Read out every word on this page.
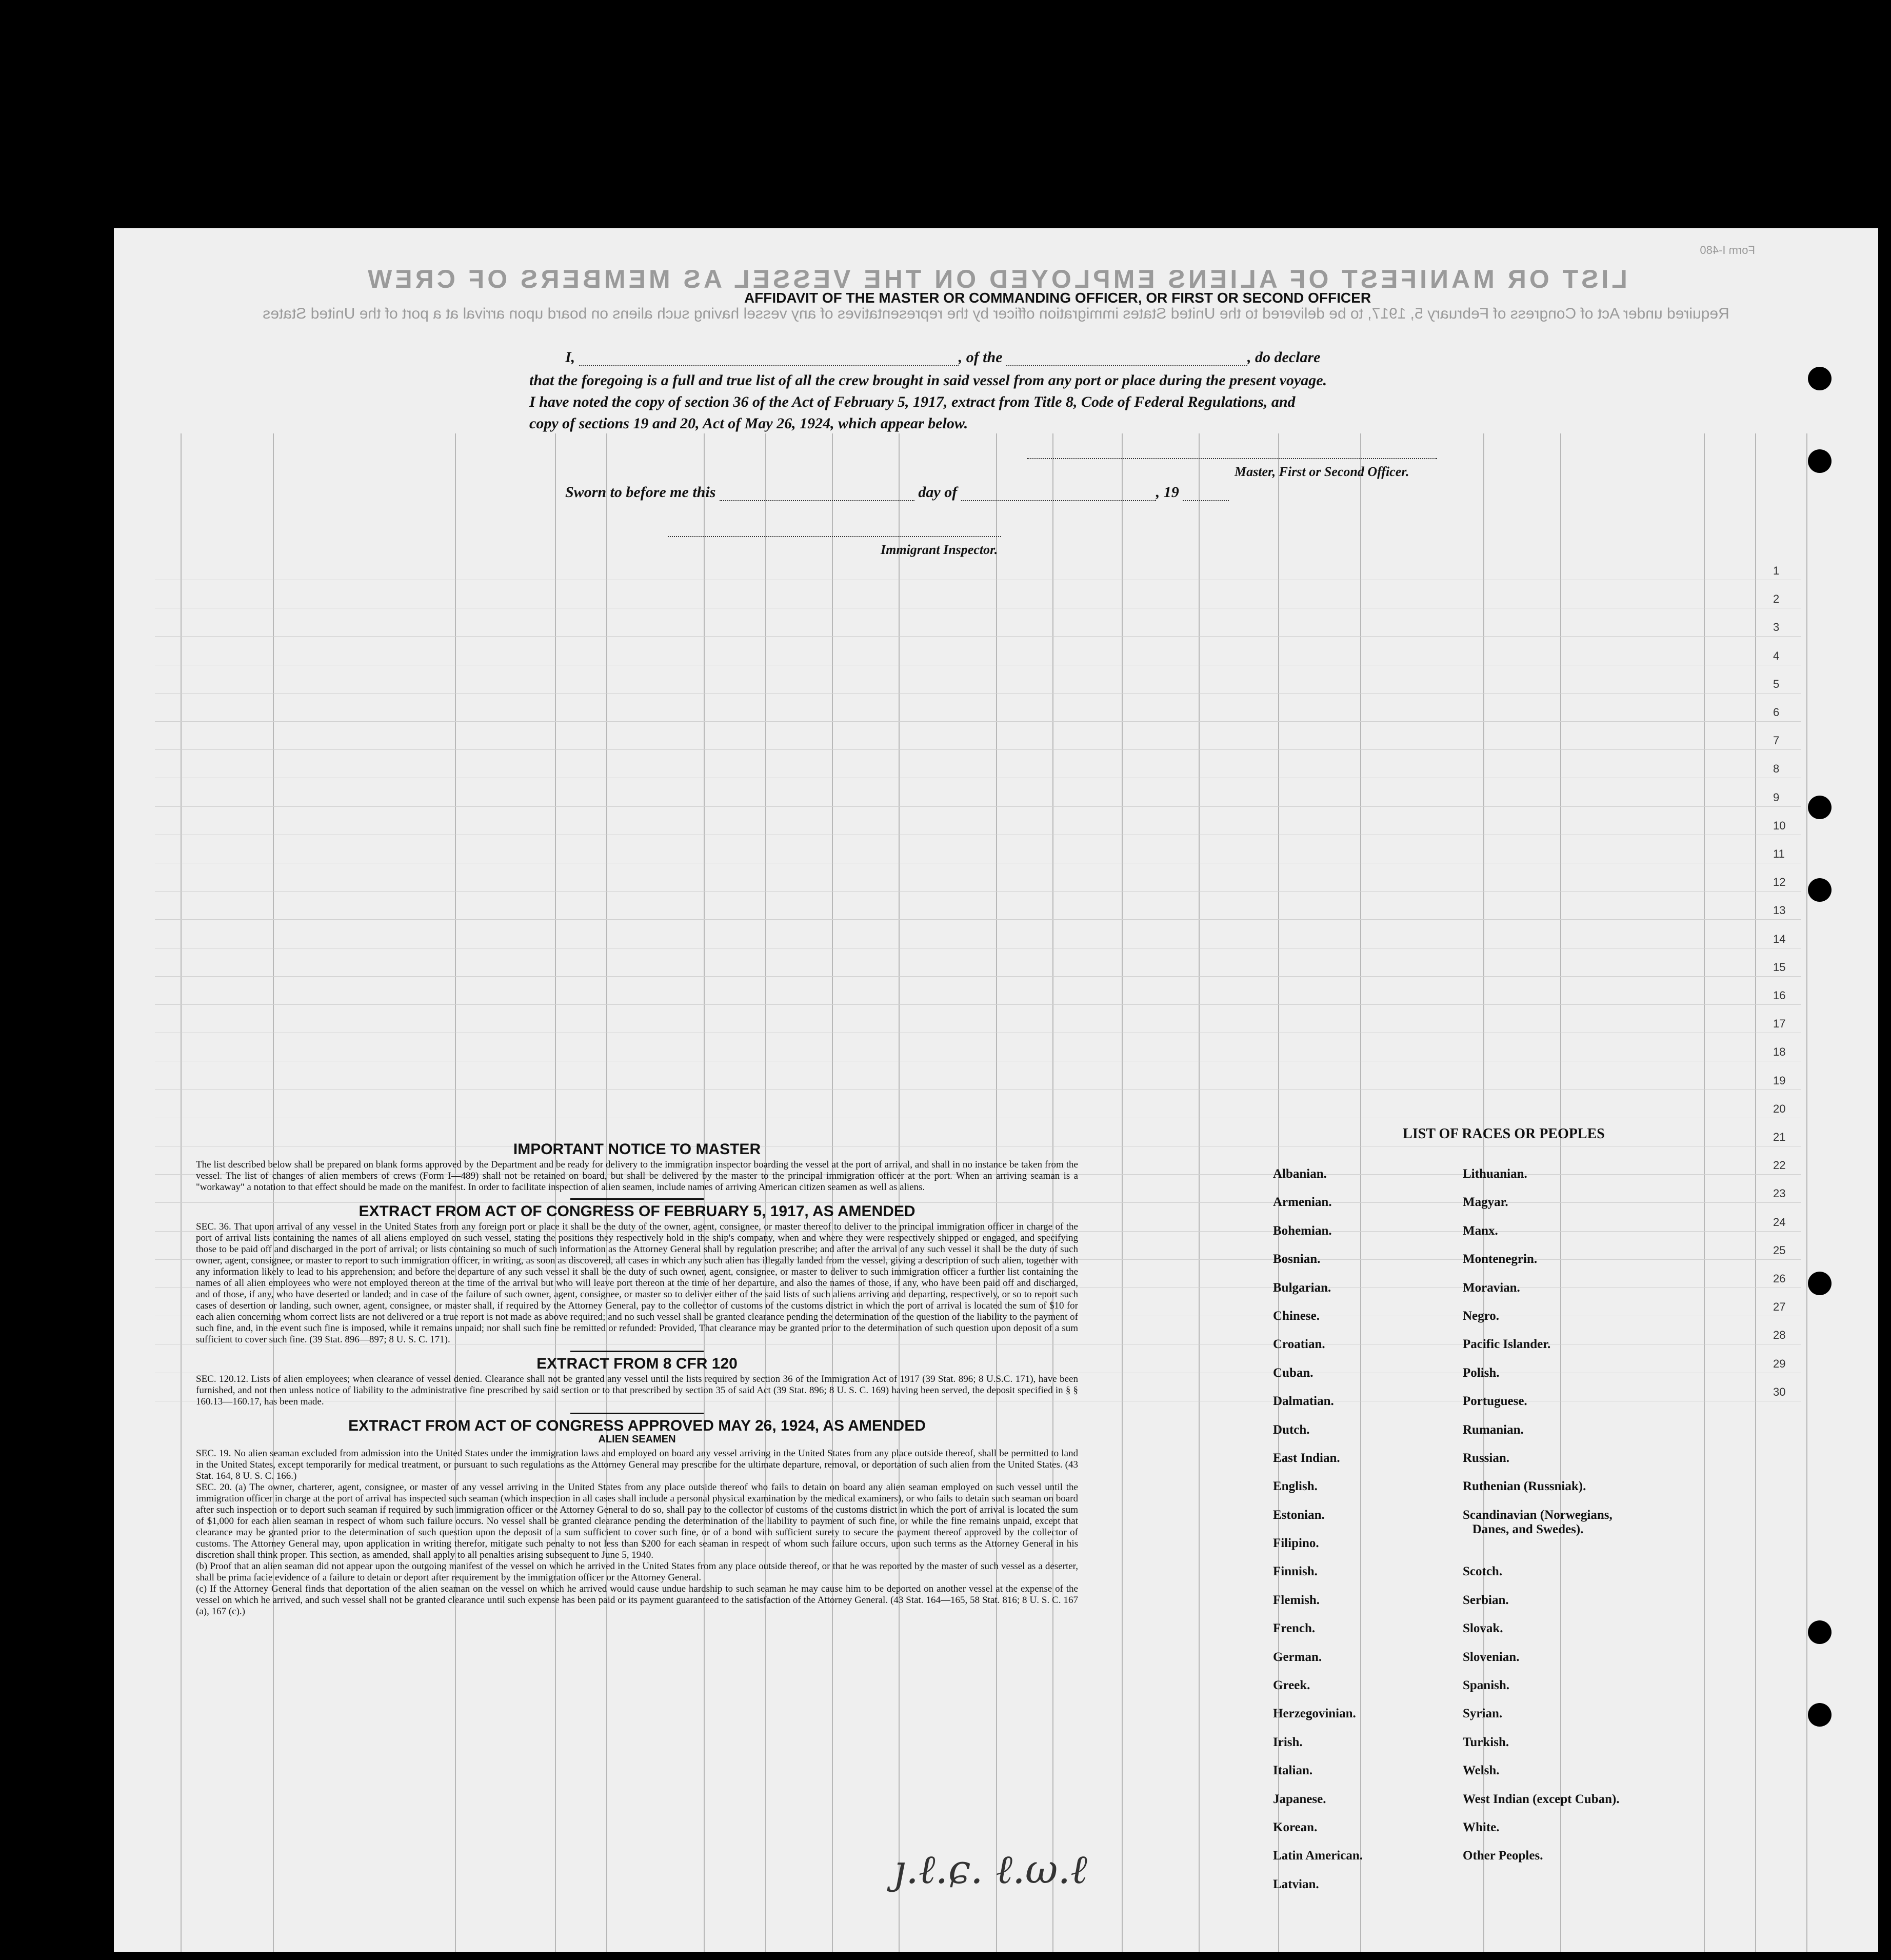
Form I-480
LIST OR MANIFEST OF ALIENS EMPLOYED ON THE VESSEL AS MEMBERS OF CREW
Required under Act of Congress of February 5, 1917, to be delivered to the United States immigration officer by the representatives of any vessel having such aliens on board upon arrival at a port of the United States
AFFIDAVIT OF THE MASTER OR COMMANDING OFFICER, OR FIRST OR SECOND OFFICER
I,	, of the	, do declare
that the foregoing is a full and true list of all the crew brought in said vessel from any port or place during the present voyage.
I have noted the copy of section 36 of the Act of February 5, 1917, extract from Title 8, Code of Federal Regulations, and
copy of sections 19 and 20, Act of May 26, 1924, which appear below.
Master, First or Second Officer.
Sworn to before me this	day of	, 19
Immigrant Inspector.
1
2
3
4
5
6
7
8
9
10
11
12
13
14
15
16
17
18
19
20
21
22
23
24
25
26
27
28
29
30
IMPORTANT NOTICE TO MASTER
The list described below shall be prepared on blank forms approved by the Department and be ready for delivery to the immigration inspector boarding the vessel at the port of arrival, and shall in no instance be taken from the vessel. The list of changes of alien members of crews (Form I—489) shall not be retained on board, but shall be delivered by the master to the principal immigration officer at the port. When an arriving seaman is a "workaway" a notation to that effect should be made on the manifest. In order to facilitate inspection of alien seamen, include names of arriving American citizen seamen as well as aliens.
EXTRACT FROM ACT OF CONGRESS OF FEBRUARY 5, 1917, AS AMENDED
SEC. 36. That upon arrival of any vessel in the United States from any foreign port or place it shall be the duty of the owner, agent, consignee, or master thereof to deliver to the principal immigration officer in charge of the port of arrival lists containing the names of all aliens employed on such vessel, stating the positions they respectively hold in the ship's company, when and where they were respectively shipped or engaged, and specifying those to be paid off and discharged in the port of arrival; or lists containing so much of such information as the Attorney General shall by regulation prescribe; and after the arrival of any such vessel it shall be the duty of such owner, agent, consignee, or master to report to such immigration officer, in writing, as soon as discovered, all cases in which any such alien has illegally landed from the vessel, giving a description of such alien, together with any information likely to lead to his apprehension; and before the departure of any such vessel it shall be the duty of such owner, agent, consignee, or master to deliver to such immigration officer a further list containing the names of all alien employees who were not employed thereon at the time of the arrival but who will leave port thereon at the time of her departure, and also the names of those, if any, who have been paid off and discharged, and of those, if any, who have deserted or landed; and in case of the failure of such owner, agent, consignee, or master so to deliver either of the said lists of such aliens arriving and departing, respectively, or so to report such cases of desertion or landing, such owner, agent, consignee, or master shall, if required by the Attorney General, pay to the collector of customs of the customs district in which the port of arrival is located the sum of $10 for each alien concerning whom correct lists are not delivered or a true report is not made as above required; and no such vessel shall be granted clearance pending the determination of the question of the liability to the payment of such fine, and, in the event such fine is imposed, while it remains unpaid; nor shall such fine be remitted or refunded: Provided, That clearance may be granted prior to the determination of such question upon deposit of a sum sufficient to cover such fine. (39 Stat. 896—897; 8 U. S. C. 171).
EXTRACT FROM 8 CFR 120
SEC. 120.12. Lists of alien employees; when clearance of vessel denied. Clearance shall not be granted any vessel until the lists required by section 36 of the Immigration Act of 1917 (39 Stat. 896; 8 U.S.C. 171), have been furnished, and not then unless notice of liability to the administrative fine prescribed by said section or to that prescribed by section 35 of said Act (39 Stat. 896; 8 U. S. C. 169) having been served, the deposit specified in § § 160.13—160.17, has been made.
EXTRACT FROM ACT OF CONGRESS APPROVED MAY 26, 1924, AS AMENDED
ALIEN SEAMEN
SEC. 19. No alien seaman excluded from admission into the United States under the immigration laws and employed on board any vessel arriving in the United States from any place outside thereof, shall be permitted to land in the United States, except temporarily for medical treatment, or pursuant to such regulations as the Attorney General may prescribe for the ultimate departure, removal, or deportation of such alien from the United States. (43 Stat. 164, 8 U. S. C. 166.)
SEC. 20. (a) The owner, charterer, agent, consignee, or master of any vessel arriving in the United States from any place outside thereof who fails to detain on board any alien seaman employed on such vessel until the immigration officer in charge at the port of arrival has inspected such seaman (which inspection in all cases shall include a personal physical examination by the medical examiners), or who fails to detain such seaman on board after such inspection or to deport such seaman if required by such immigration officer or the Attorney General to do so, shall pay to the collector of customs of the customs district in which the port of arrival is located the sum of $1,000 for each alien seaman in respect of whom such failure occurs. No vessel shall be granted clearance pending the determination of the liability to payment of such fine, or while the fine remains unpaid, except that clearance may be granted prior to the determination of such question upon the deposit of a sum sufficient to cover such fine, or of a bond with sufficient surety to secure the payment thereof approved by the collector of customs. The Attorney General may, upon application in writing therefor, mitigate such penalty to not less than $200 for each seaman in respect of whom such failure occurs, upon such terms as the Attorney General in his discretion shall think proper. This section, as amended, shall apply to all penalties arising subsequent to June 5, 1940.
(b) Proof that an alien seaman did not appear upon the outgoing manifest of the vessel on which he arrived in the United States from any place outside thereof, or that he was reported by the master of such vessel as a deserter, shall be prima facie evidence of a failure to detain or deport after requirement by the immigration officer or the Attorney General.
(c) If the Attorney General finds that deportation of the alien seaman on the vessel on which he arrived would cause undue hardship to such seaman he may cause him to be deported on another vessel at the expense of the vessel on which he arrived, and such vessel shall not be granted clearance until such expense has been paid or its payment guaranteed to the satisfaction of the Attorney General. (43 Stat. 164—165, 58 Stat. 816; 8 U. S. C. 167 (a), 167 (c).)
LIST OF RACES OR PEOPLES
Albanian.
Armenian.
Bohemian.
Bosnian.
Bulgarian.
Chinese.
Croatian.
Cuban.
Dalmatian.
Dutch.
East Indian.
English.
Estonian.
Filipino.
Finnish.
Flemish.
French.
German.
Greek.
Herzegovinian.
Irish.
Italian.
Japanese.
Korean.
Latin American.
Latvian.
Lithuanian.
Magyar.
Manx.
Montenegrin.
Moravian.
Negro.
Pacific Islander.
Polish.
Portuguese.
Rumanian.
Russian.
Ruthenian (Russniak).
Scandinavian (Norwegians,
Danes, and Swedes).
Scotch.
Serbian.
Slovak.
Slovenian.
Spanish.
Syrian.
Turkish.
Welsh.
West Indian (except Cuban).
White.
Other Peoples.
ȷ.ℓ.ɕ. ℓ.ω.ℓ
